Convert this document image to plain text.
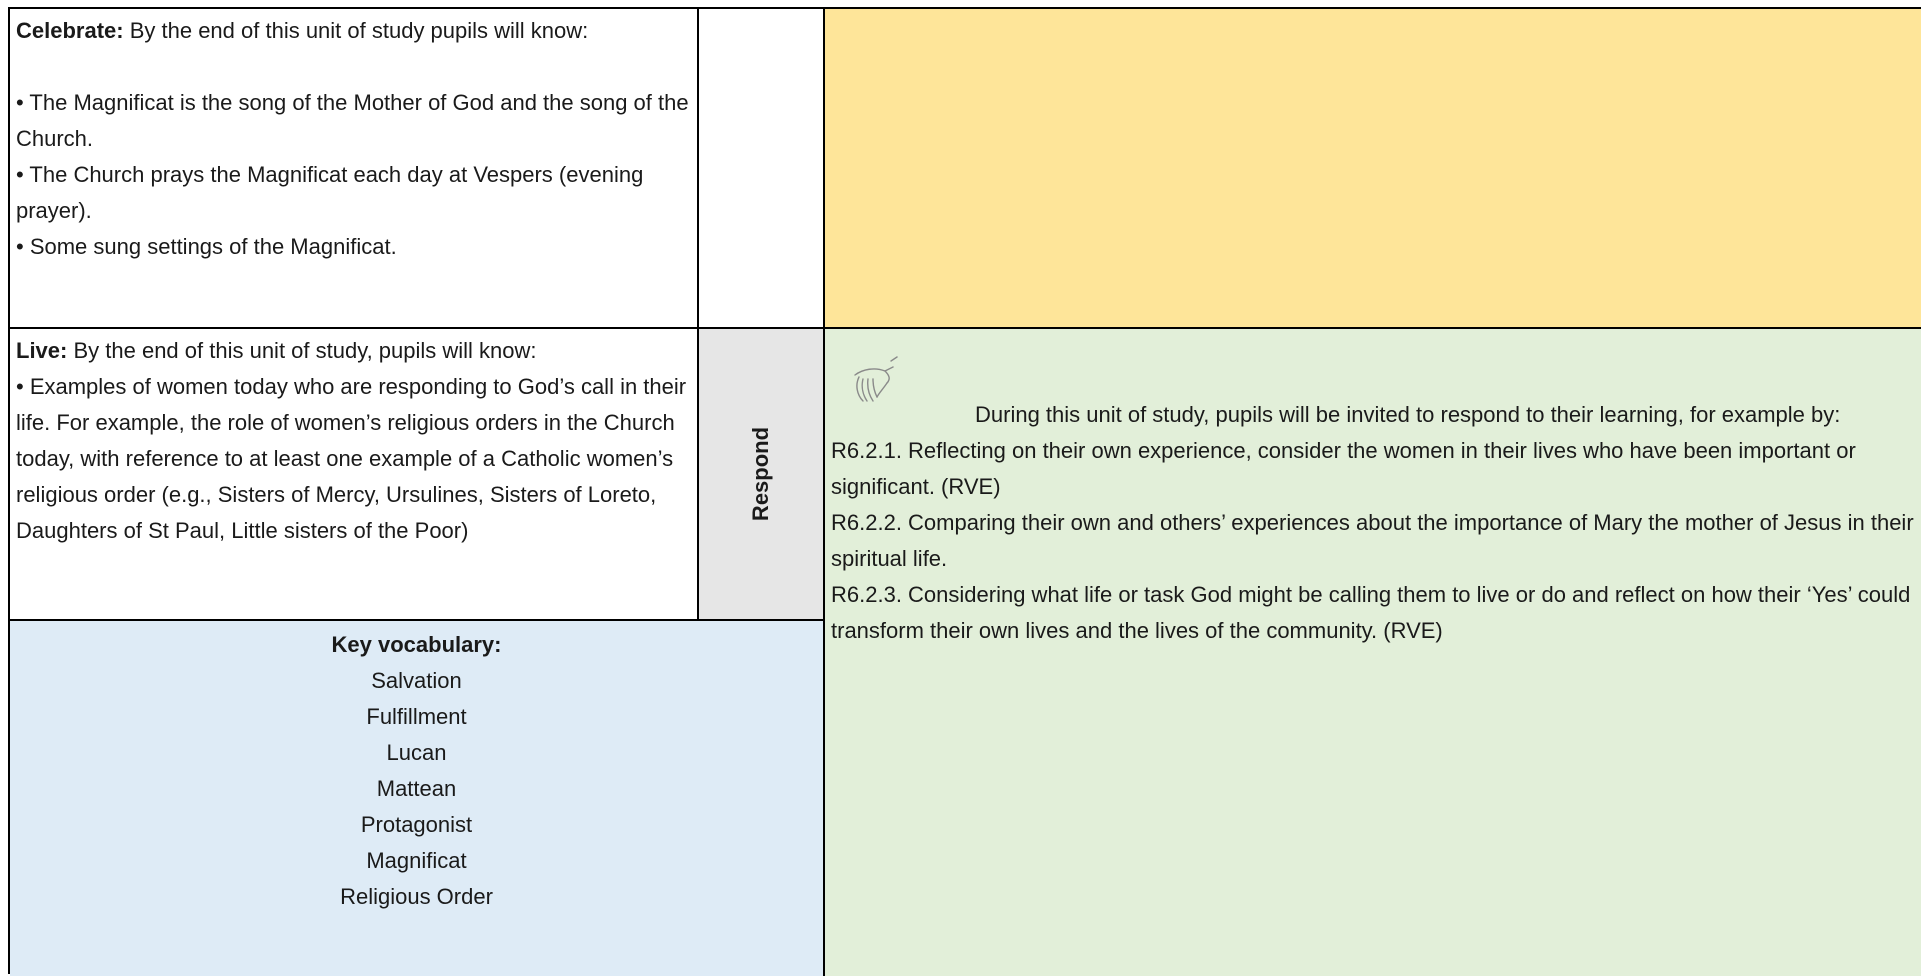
Celebrate: By the end of this unit of study pupils will know:
• The Magnificat is the song of the Mother of God and the song of the Church.
• The Church prays the Magnificat each day at Vespers (evening prayer).
• Some sung settings of the Magnificat.
Live: By the end of this unit of study, pupils will know:
• Examples of women today who are responding to God’s call in their life. For example, the role of women’s religious orders in the Church today, with reference to at least one example of a Catholic women’s religious order (e.g., Sisters of Mercy, Ursulines, Sisters of Loreto, Daughters of St Paul, Little sisters of the Poor)
Respond
During this unit of study, pupils will be invited to respond to their learning, for example by:
R6.2.1. Reflecting on their own experience, consider the women in their lives who have been important or significant. (RVE)
R6.2.2. Comparing their own and others’ experiences about the importance of Mary the mother of Jesus in their spiritual life.
R6.2.3. Considering what life or task God might be calling them to live or do and reflect on how their ‘Yes’ could transform their own lives and the lives of the community. (RVE)
Key vocabulary:
Salvation
Fulfillment
Lucan
Mattean
Protagonist
Magnificat
Religious Order
